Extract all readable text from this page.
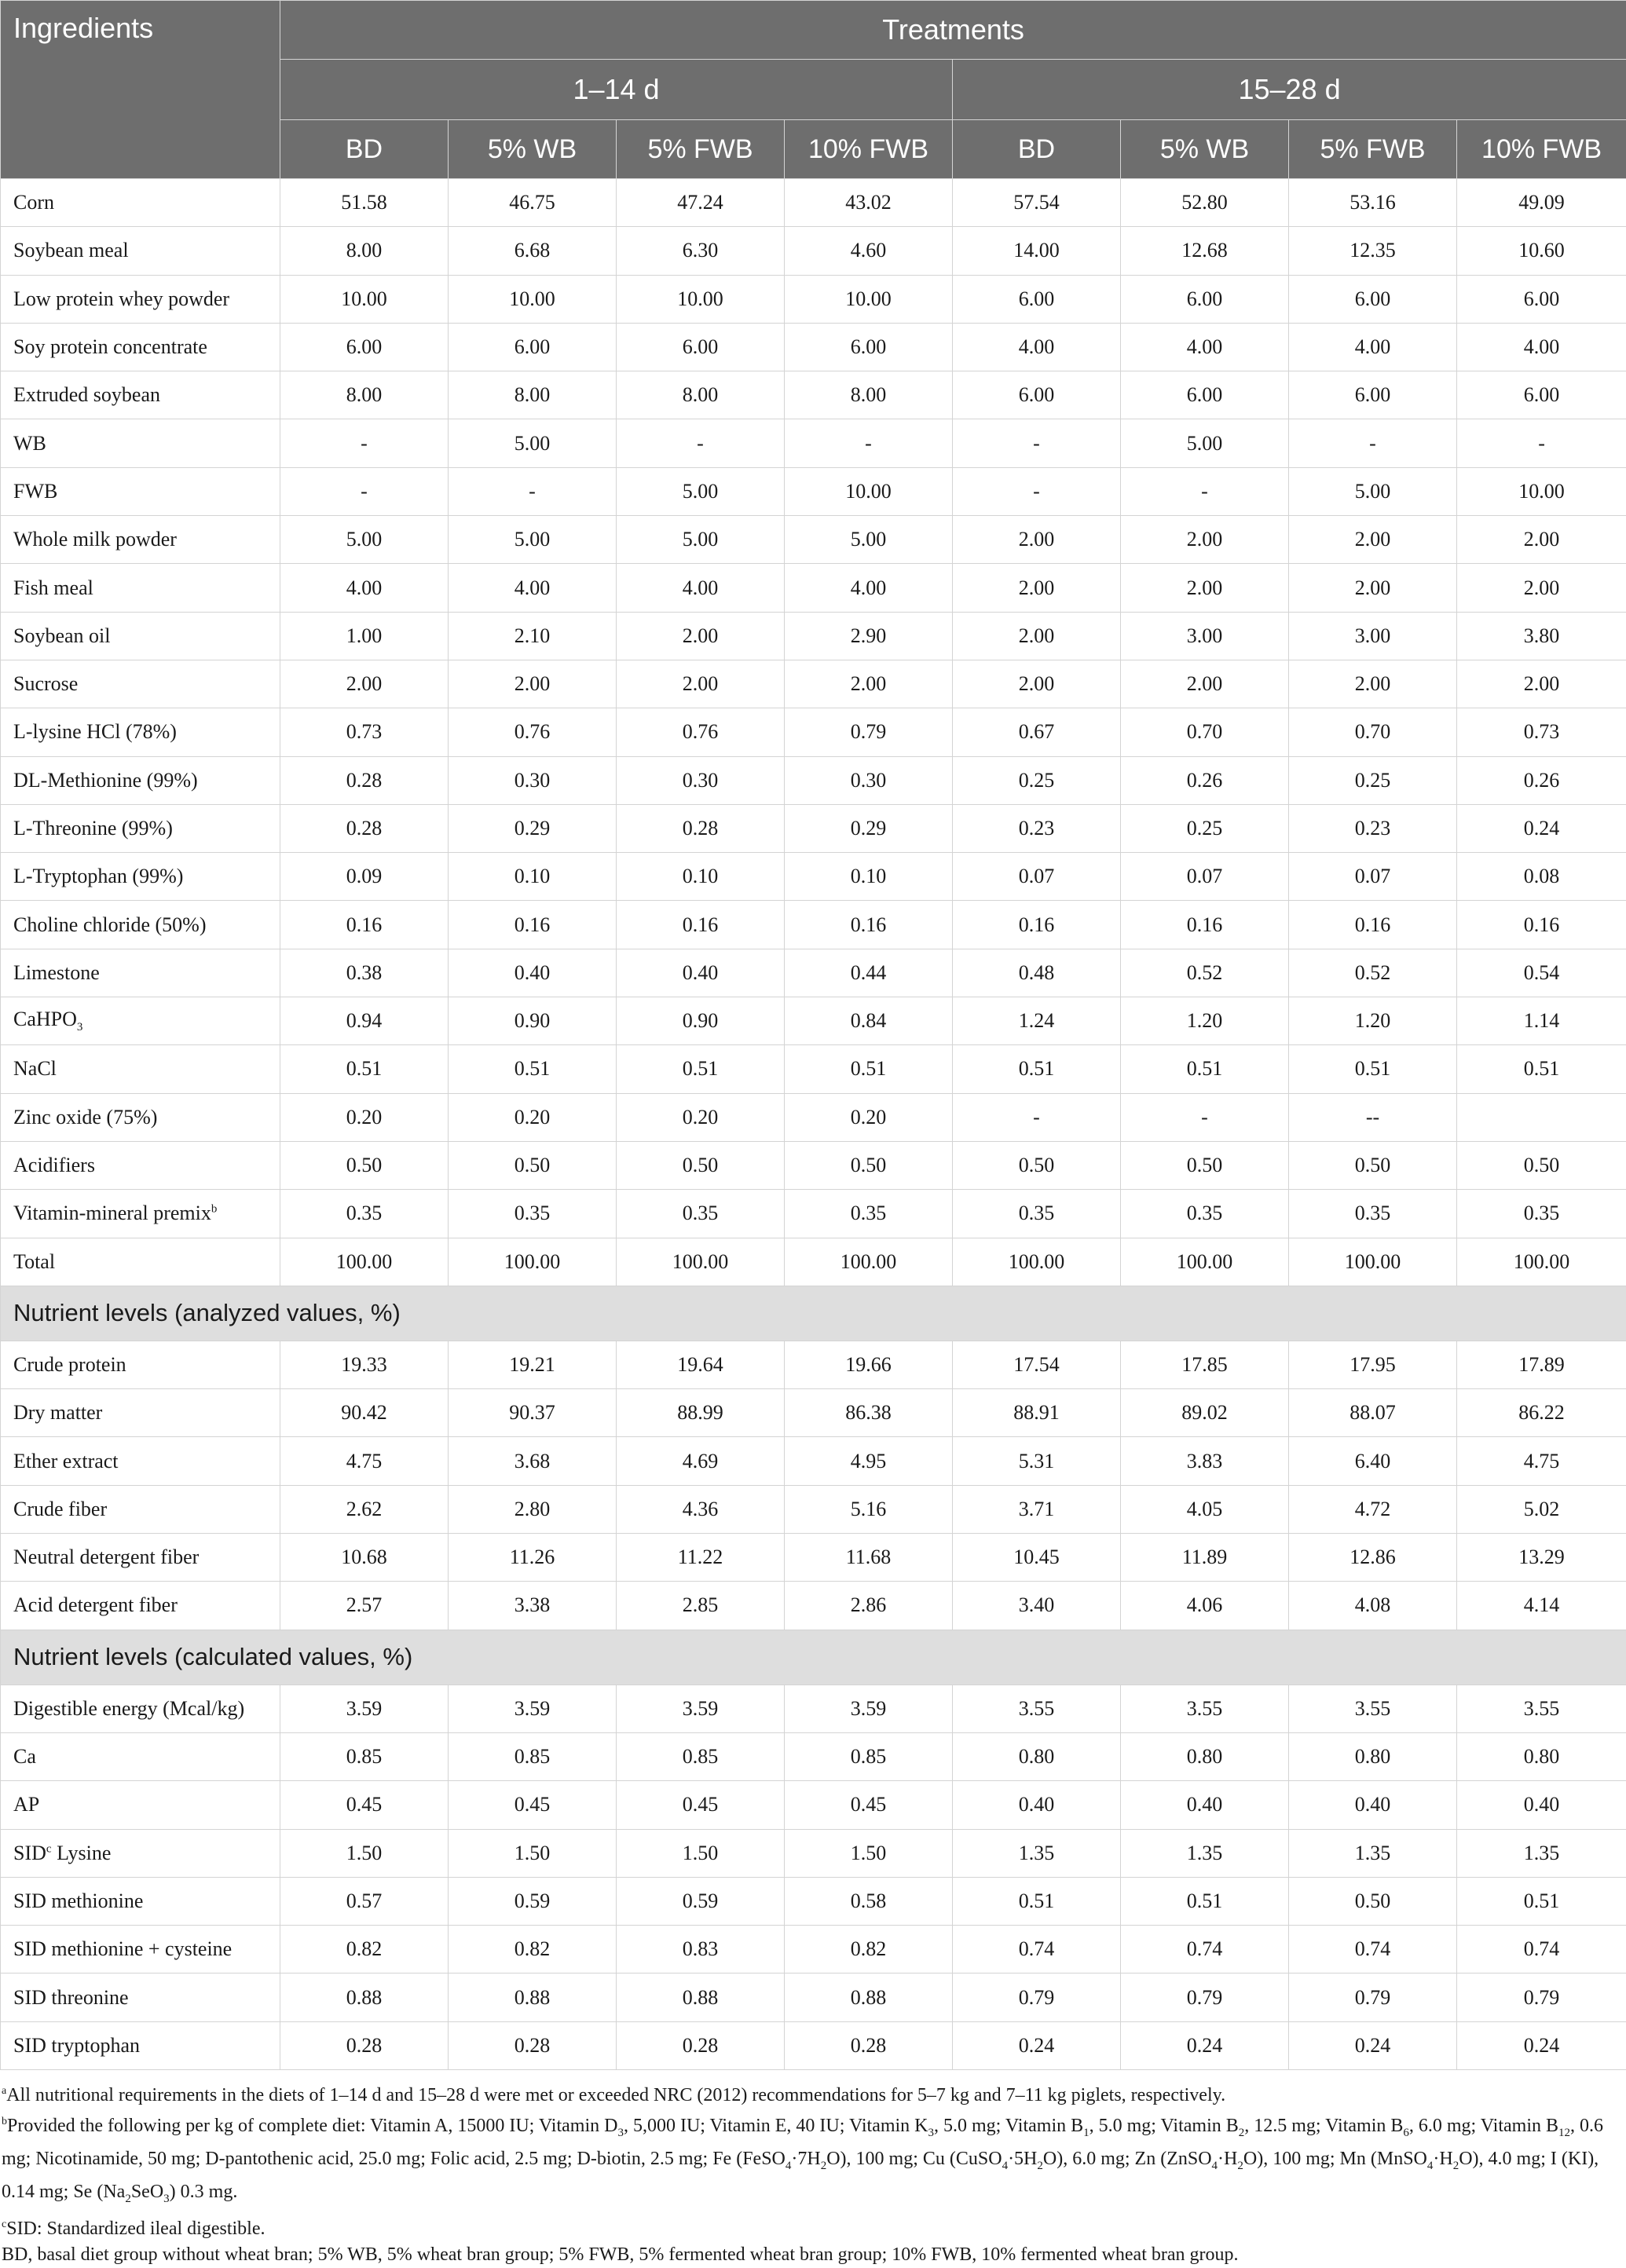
Ingredients	Treatments							
	1–14 d				15–28 d			
	BD	5% WB	5% FWB	10% FWB	BD	5% WB	5% FWB	10% FWB
Corn	51.58	46.75	47.24	43.02	57.54	52.80	53.16	49.09
Soybean meal	8.00	6.68	6.30	4.60	14.00	12.68	12.35	10.60
Low protein whey powder	10.00	10.00	10.00	10.00	6.00	6.00	6.00	6.00
Soy protein concentrate	6.00	6.00	6.00	6.00	4.00	4.00	4.00	4.00
Extruded soybean	8.00	8.00	8.00	8.00	6.00	6.00	6.00	6.00
WB	-	5.00	-	-	-	5.00	-	-
FWB	-	-	5.00	10.00	-	-	5.00	10.00
Whole milk powder	5.00	5.00	5.00	5.00	2.00	2.00	2.00	2.00
Fish meal	4.00	4.00	4.00	4.00	2.00	2.00	2.00	2.00
Soybean oil	1.00	2.10	2.00	2.90	2.00	3.00	3.00	3.80
Sucrose	2.00	2.00	2.00	2.00	2.00	2.00	2.00	2.00
L-lysine HCl (78%)	0.73	0.76	0.76	0.79	0.67	0.70	0.70	0.73
DL-Methionine (99%)	0.28	0.30	0.30	0.30	0.25	0.26	0.25	0.26
L-Threonine (99%)	0.28	0.29	0.28	0.29	0.23	0.25	0.23	0.24
L-Tryptophan (99%)	0.09	0.10	0.10	0.10	0.07	0.07	0.07	0.08
Choline chloride (50%)	0.16	0.16	0.16	0.16	0.16	0.16	0.16	0.16
Limestone	0.38	0.40	0.40	0.44	0.48	0.52	0.52	0.54
CaHPO$_3$	0.94	0.90	0.90	0.84	1.24	1.20	1.20	1.14
NaCl	0.51	0.51	0.51	0.51	0.51	0.51	0.51	0.51
Zinc oxide (75%)	0.20	0.20	0.20	0.20	-	-	--	
Acidifiers	0.50	0.50	0.50	0.50	0.50	0.50	0.50	0.50
Vitamin-mineral premix$^b$	0.35	0.35	0.35	0.35	0.35	0.35	0.35	0.35
Total	100.00	100.00	100.00	100.00	100.00	100.00	100.00	100.00
Nutrient levels (analyzed values, %)								
Crude protein	19.33	19.21	19.64	19.66	17.54	17.85	17.95	17.89
Dry matter	90.42	90.37	88.99	86.38	88.91	89.02	88.07	86.22
Ether extract	4.75	3.68	4.69	4.95	5.31	3.83	6.40	4.75
Crude fiber	2.62	2.80	4.36	5.16	3.71	4.05	4.72	5.02
Neutral detergent fiber	10.68	11.26	11.22	11.68	10.45	11.89	12.86	13.29
Acid detergent fiber	2.57	3.38	2.85	2.86	3.40	4.06	4.08	4.14
Nutrient levels (calculated values, %)								
Digestible energy (Mcal/kg)	3.59	3.59	3.59	3.59	3.55	3.55	3.55	3.55
Ca	0.85	0.85	0.85	0.85	0.80	0.80	0.80	0.80
AP	0.45	0.45	0.45	0.45	0.40	0.40	0.40	0.40
SID$^c$ Lysine	1.50	1.50	1.50	1.50	1.35	1.35	1.35	1.35
SID methionine	0.57	0.59	0.59	0.58	0.51	0.51	0.50	0.51
SID methionine + cysteine	0.82	0.82	0.83	0.82	0.74	0.74	0.74	0.74
SID threonine	0.88	0.88	0.88	0.88	0.79	0.79	0.79	0.79
SID tryptophan	0.28	0.28	0.28	0.28	0.24	0.24	0.24	0.24

$^a$All nutritional requirements in the diets of 1–14 d and 15–28 d were met or exceeded NRC (2012) recommendations for 5–7 kg and 7–11 kg piglets, respectively.

$^b$Provided the following per kg of complete diet: Vitamin A, 15000 IU; Vitamin $D_3$, 5,000 IU; Vitamin E, 40 IU; Vitamin $K_3$, 5.0 mg; Vitamin $B_1$, 5.0 mg; Vitamin $B_2$, 12.5 mg; Vitamin $B_6$, 6.0 mg; Vitamin $B_{12}$, 0.6 mg; Nicotinamide, 50 mg; D-pantothenic acid, 25.0 mg; Folic acid, 2.5 mg; D-biotin, 2.5 mg; Fe $(FeSO_4\cdot 7H_2O)$, 100 mg; Cu $(CuSO_4\cdot 5H_2O)$, 6.0 mg; Zn $(ZnSO_4\cdot H_2O)$, 100 mg; Mn $(MnSO_4\cdot H_2O)$, 4.0 mg; I (KI), 0.14 mg; Se $(Na_2SeO_3)$ 0.3 mg.

$^c$SID: Standardized ileal digestible.

BD, basal diet group without wheat bran; 5% WB, 5% wheat bran group; 5% FWB, 5% fermented wheat bran group; 10% FWB, 10% fermented wheat bran group.
